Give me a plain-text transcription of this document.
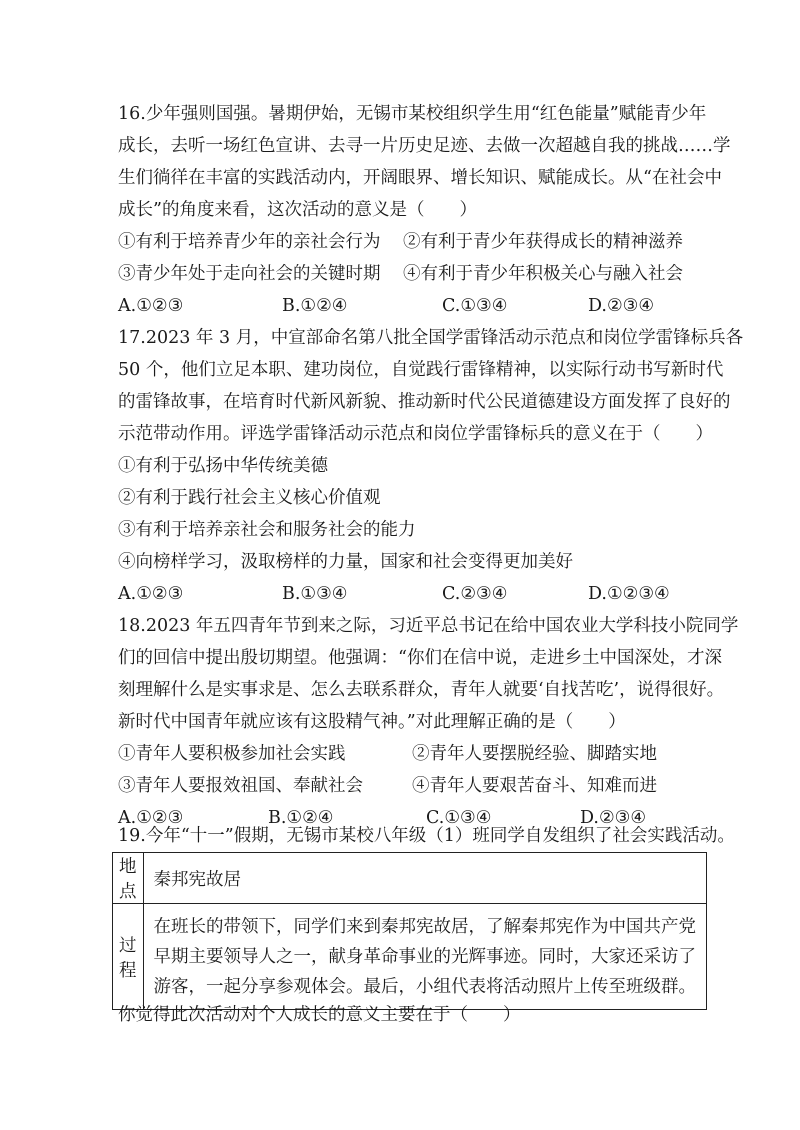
16.少年强则国强。暑期伊始，无锡市某校组织学生用“红色能量”赋能青少年
成长，去听一场红色宣讲、去寻一片历史足迹、去做一次超越自我的挑战……学
生们徜徉在丰富的实践活动内，开阔眼界、增长知识、赋能成长。从“在社会中
成长”的角度来看，这次活动的意义是（　　）
①有利于培养青少年的亲社会行为 ②有利于青少年获得成长的精神滋养
③青少年处于走向社会的关键时期 ④有利于青少年积极关心与融入社会
A.①②③	B.①②④	C.①③④	D.②③④
17.2023 年 3 月，中宣部命名第八批全国学雷锋活动示范点和岗位学雷锋标兵各
50 个，他们立足本职、建功岗位，自觉践行雷锋精神，以实际行动书写新时代
的雷锋故事，在培育时代新风新貌、推动新时代公民道德建设方面发挥了良好的
示范带动作用。评选学雷锋活动示范点和岗位学雷锋标兵的意义在于（　　）
①有利于弘扬中华传统美德
②有利于践行社会主义核心价值观
③有利于培养亲社会和服务社会的能力
④向榜样学习，汲取榜样的力量，国家和社会变得更加美好
A.①②③	B.①③④	C.②③④	D.①②③④
18.2023 年五四青年节到来之际，习近平总书记在给中国农业大学科技小院同学
们的回信中提出殷切期望。他强调：“你们在信中说，走进乡土中国深处，才深
刻理解什么是实事求是、怎么去联系群众，青年人就要‘自找苦吃’，说得很好。
新时代中国青年就应该有这股精气神。”对此理解正确的是（　　）
①青年人要积极参加社会实践	②青年人要摆脱经验、脚踏实地
③青年人要报效祖国、奉献社会	④青年人要艰苦奋斗、知难而进
A.①②③	B.①②④	C.①③④	D.②③④
19.今年“十一”假期，无锡市某校八年级（1）班同学自发组织了社会实践活动。
地点	秦邦宪故居
过程	在班长的带领下，同学们来到秦邦宪故居，了解秦邦宪作为中国共产党
早期主要领导人之一，献身革命事业的光辉事迹。同时，大家还采访了
游客，一起分享参观体会。最后，小组代表将活动照片上传至班级群。
你觉得此次活动对个人成长的意义主要在于（　　）
